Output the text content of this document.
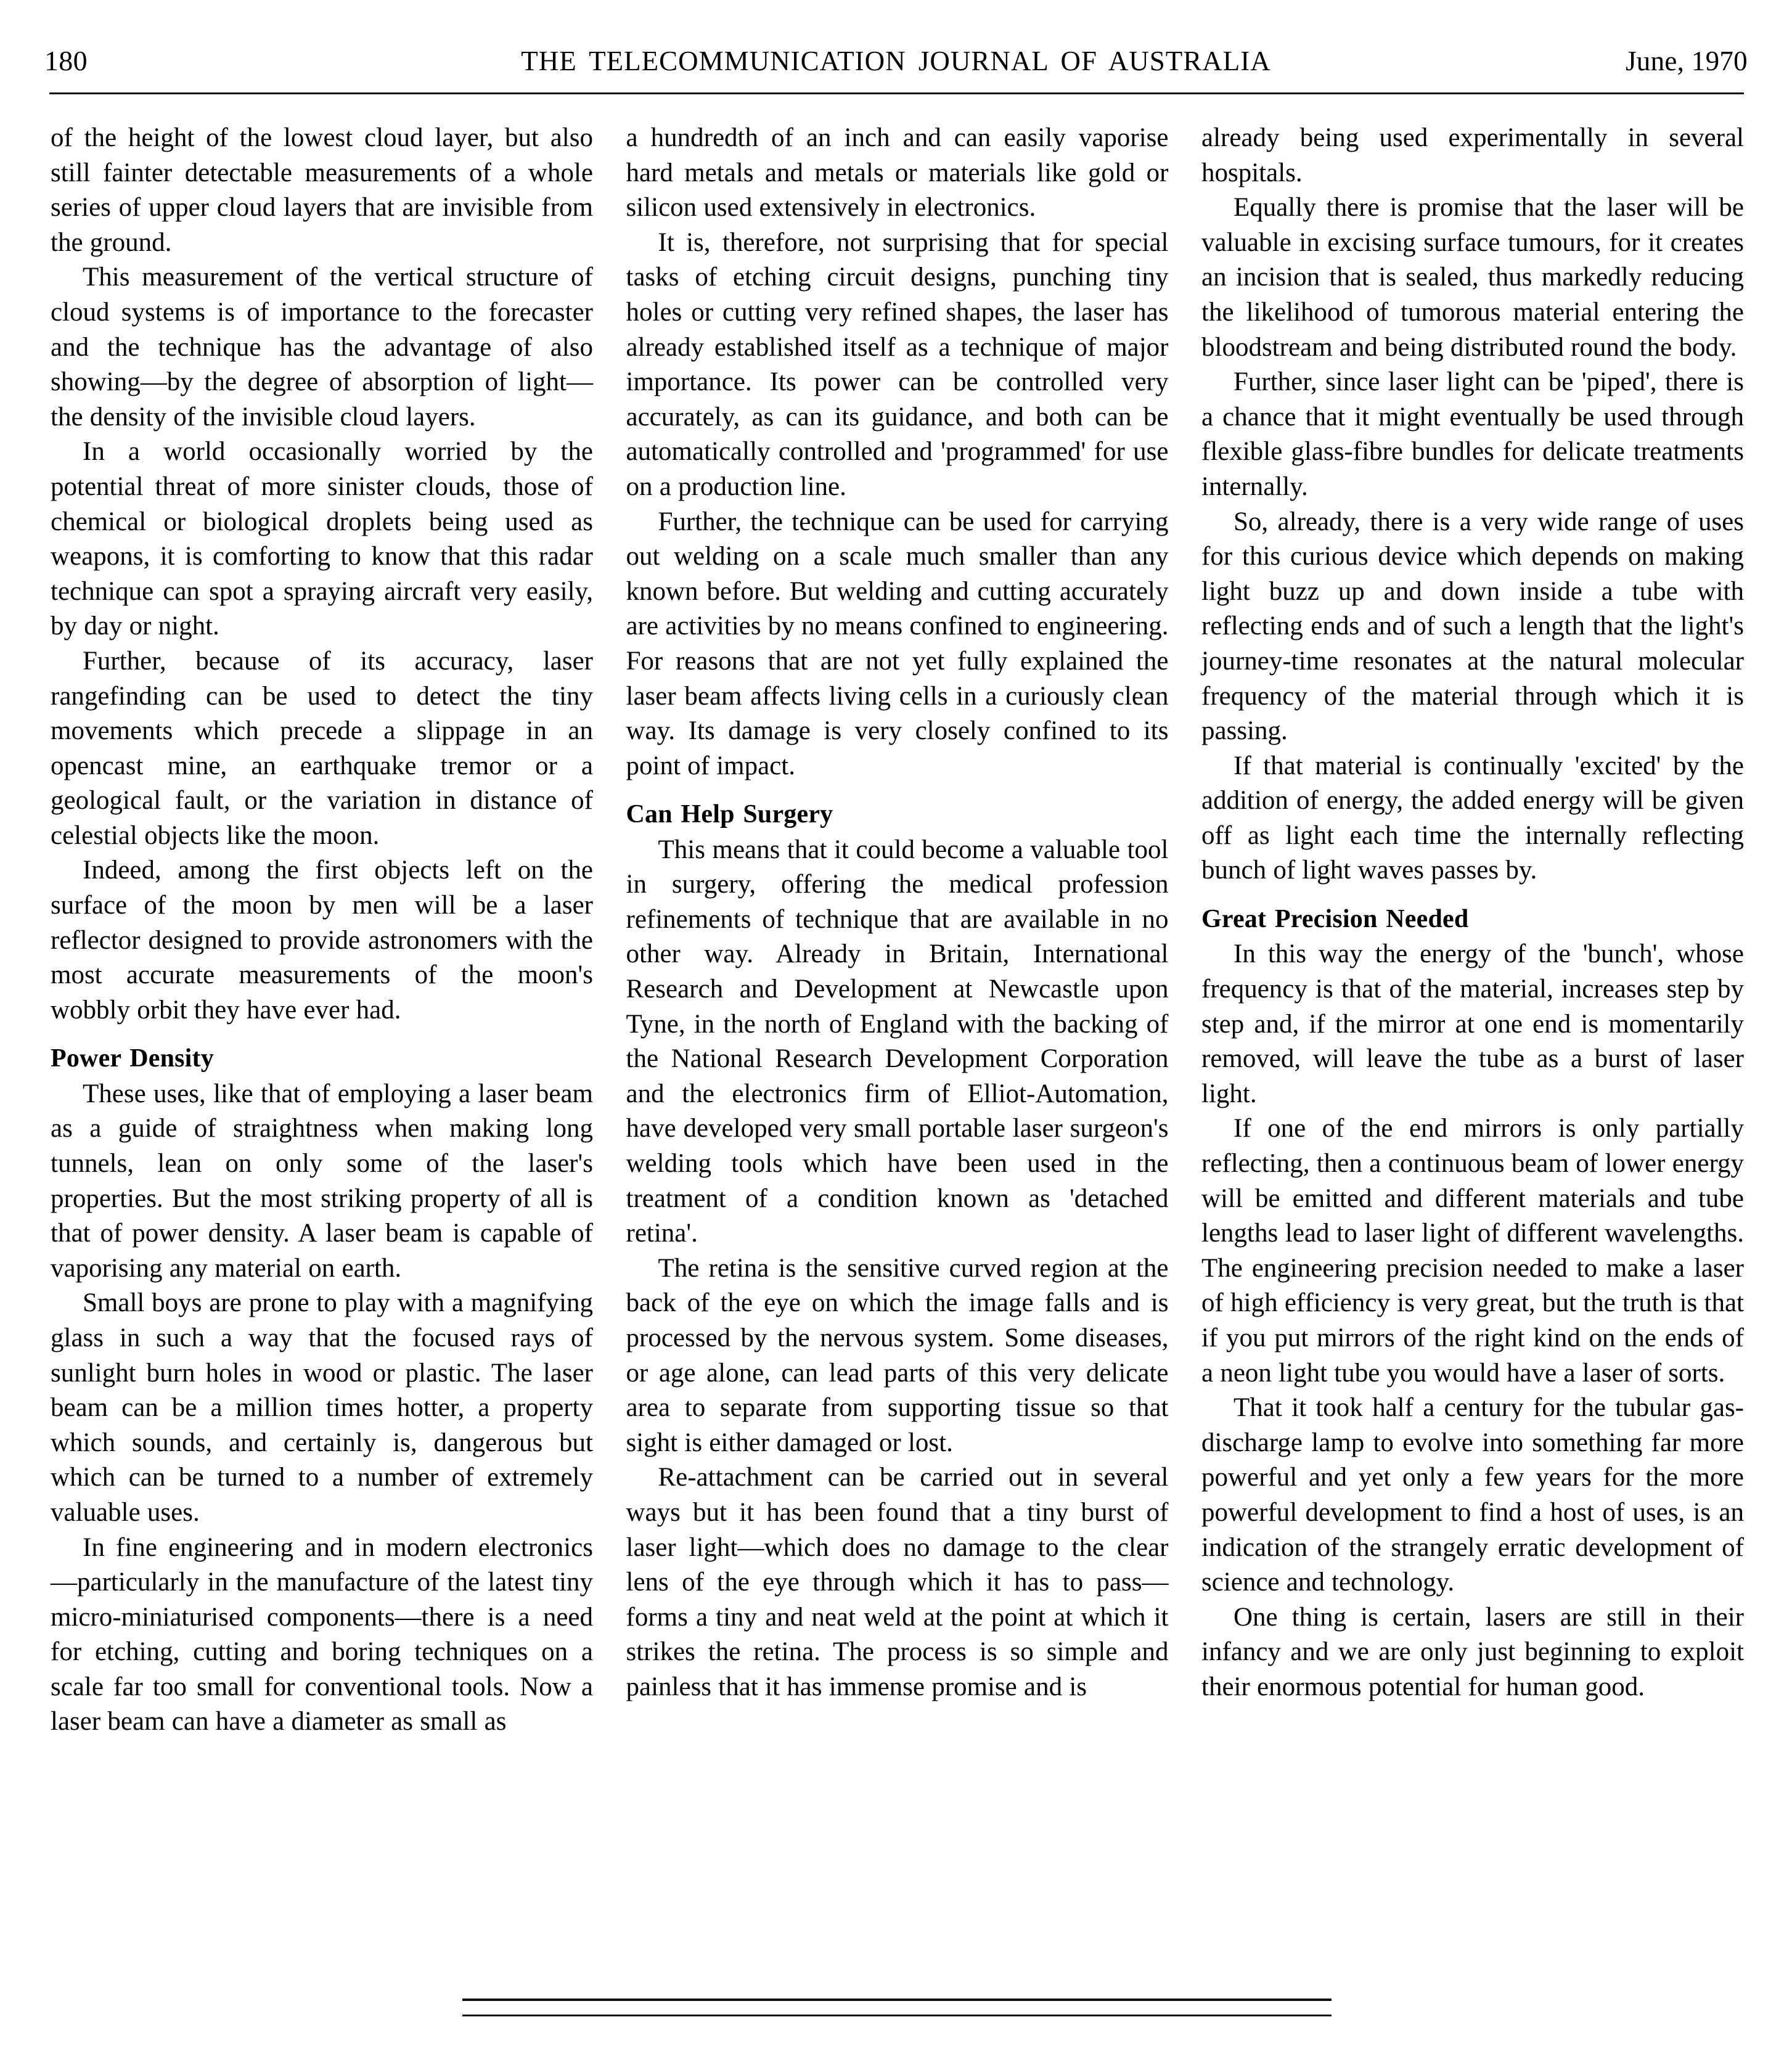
180	THE TELECOMMUNICATION JOURNAL OF AUSTRALIA	June, 1970

of the height of the lowest cloud layer, but also still fainter detectable measurements of a whole series of upper cloud layers that are invisible from the ground.

This measurement of the vertical structure of cloud systems is of importance to the forecaster and the technique has the advantage of also showing—by the degree of absorption of light—the density of the invisible cloud layers.

In a world occasionally worried by the potential threat of more sinister clouds, those of chemical or biological droplets being used as weapons, it is comforting to know that this radar technique can spot a spraying aircraft very easily, by day or night.

Further, because of its accuracy, laser rangefinding can be used to detect the tiny movements which precede a slippage in an opencast mine, an earthquake tremor or a geological fault, or the variation in distance of celestial objects like the moon.

Indeed, among the first objects left on the surface of the moon by men will be a laser reflector designed to provide astronomers with the most accurate measurements of the moon's wobbly orbit they have ever had.

Power Density

These uses, like that of employing a laser beam as a guide of straightness when making long tunnels, lean on only some of the laser's properties. But the most striking property of all is that of power density. A laser beam is capable of vaporising any material on earth.

Small boys are prone to play with a magnifying glass in such a way that the focused rays of sunlight burn holes in wood or plastic. The laser beam can be a million times hotter, a property which sounds, and certainly is, dangerous but which can be turned to a number of extremely valuable uses.

In fine engineering and in modern electronics—particularly in the manufacture of the latest tiny micro-miniaturised components—there is a need for etching, cutting and boring techniques on a scale far too small for conventional tools. Now a laser beam can have a diameter as small as

a hundredth of an inch and can easily vaporise hard metals and metals or materials like gold or silicon used extensively in electronics.

It is, therefore, not surprising that for special tasks of etching circuit designs, punching tiny holes or cutting very refined shapes, the laser has already established itself as a technique of major importance. Its power can be controlled very accurately, as can its guidance, and both can be automatically controlled and 'programmed' for use on a production line.

Further, the technique can be used for carrying out welding on a scale much smaller than any known before. But welding and cutting accurately are activities by no means confined to engineering. For reasons that are not yet fully explained the laser beam affects living cells in a curiously clean way. Its damage is very closely confined to its point of impact.

Can Help Surgery

This means that it could become a valuable tool in surgery, offering the medical profession refinements of technique that are available in no other way. Already in Britain, International Research and Development at Newcastle upon Tyne, in the north of England with the backing of the National Research Development Corporation and the electronics firm of Elliot-Automation, have developed very small portable laser surgeon's welding tools which have been used in the treatment of a condition known as 'detached retina'.

The retina is the sensitive curved region at the back of the eye on which the image falls and is processed by the nervous system. Some diseases, or age alone, can lead parts of this very delicate area to separate from supporting tissue so that sight is either damaged or lost.

Re-attachment can be carried out in several ways but it has been found that a tiny burst of laser light—which does no damage to the clear lens of the eye through which it has to pass—forms a tiny and neat weld at the point at which it strikes the retina. The process is so simple and painless that it has immense promise and is

already being used experimentally in several hospitals.

Equally there is promise that the laser will be valuable in excising surface tumours, for it creates an incision that is sealed, thus markedly reducing the likelihood of tumorous material entering the bloodstream and being distributed round the body.

Further, since laser light can be 'piped', there is a chance that it might eventually be used through flexible glass-fibre bundles for delicate treatments internally.

So, already, there is a very wide range of uses for this curious device which depends on making light buzz up and down inside a tube with reflecting ends and of such a length that the light's journey-time resonates at the natural molecular frequency of the material through which it is passing.

If that material is continually 'excited' by the addition of energy, the added energy will be given off as light each time the internally reflecting bunch of light waves passes by.

Great Precision Needed

In this way the energy of the 'bunch', whose frequency is that of the material, increases step by step and, if the mirror at one end is momentarily removed, will leave the tube as a burst of laser light.

If one of the end mirrors is only partially reflecting, then a continuous beam of lower energy will be emitted and different materials and tube lengths lead to laser light of different wavelengths. The engineering precision needed to make a laser of high efficiency is very great, but the truth is that if you put mirrors of the right kind on the ends of a neon light tube you would have a laser of sorts.

That it took half a century for the tubular gas-discharge lamp to evolve into something far more powerful and yet only a few years for the more powerful development to find a host of uses, is an indication of the strangely erratic development of science and technology.

One thing is certain, lasers are still in their infancy and we are only just beginning to exploit their enormous potential for human good.
